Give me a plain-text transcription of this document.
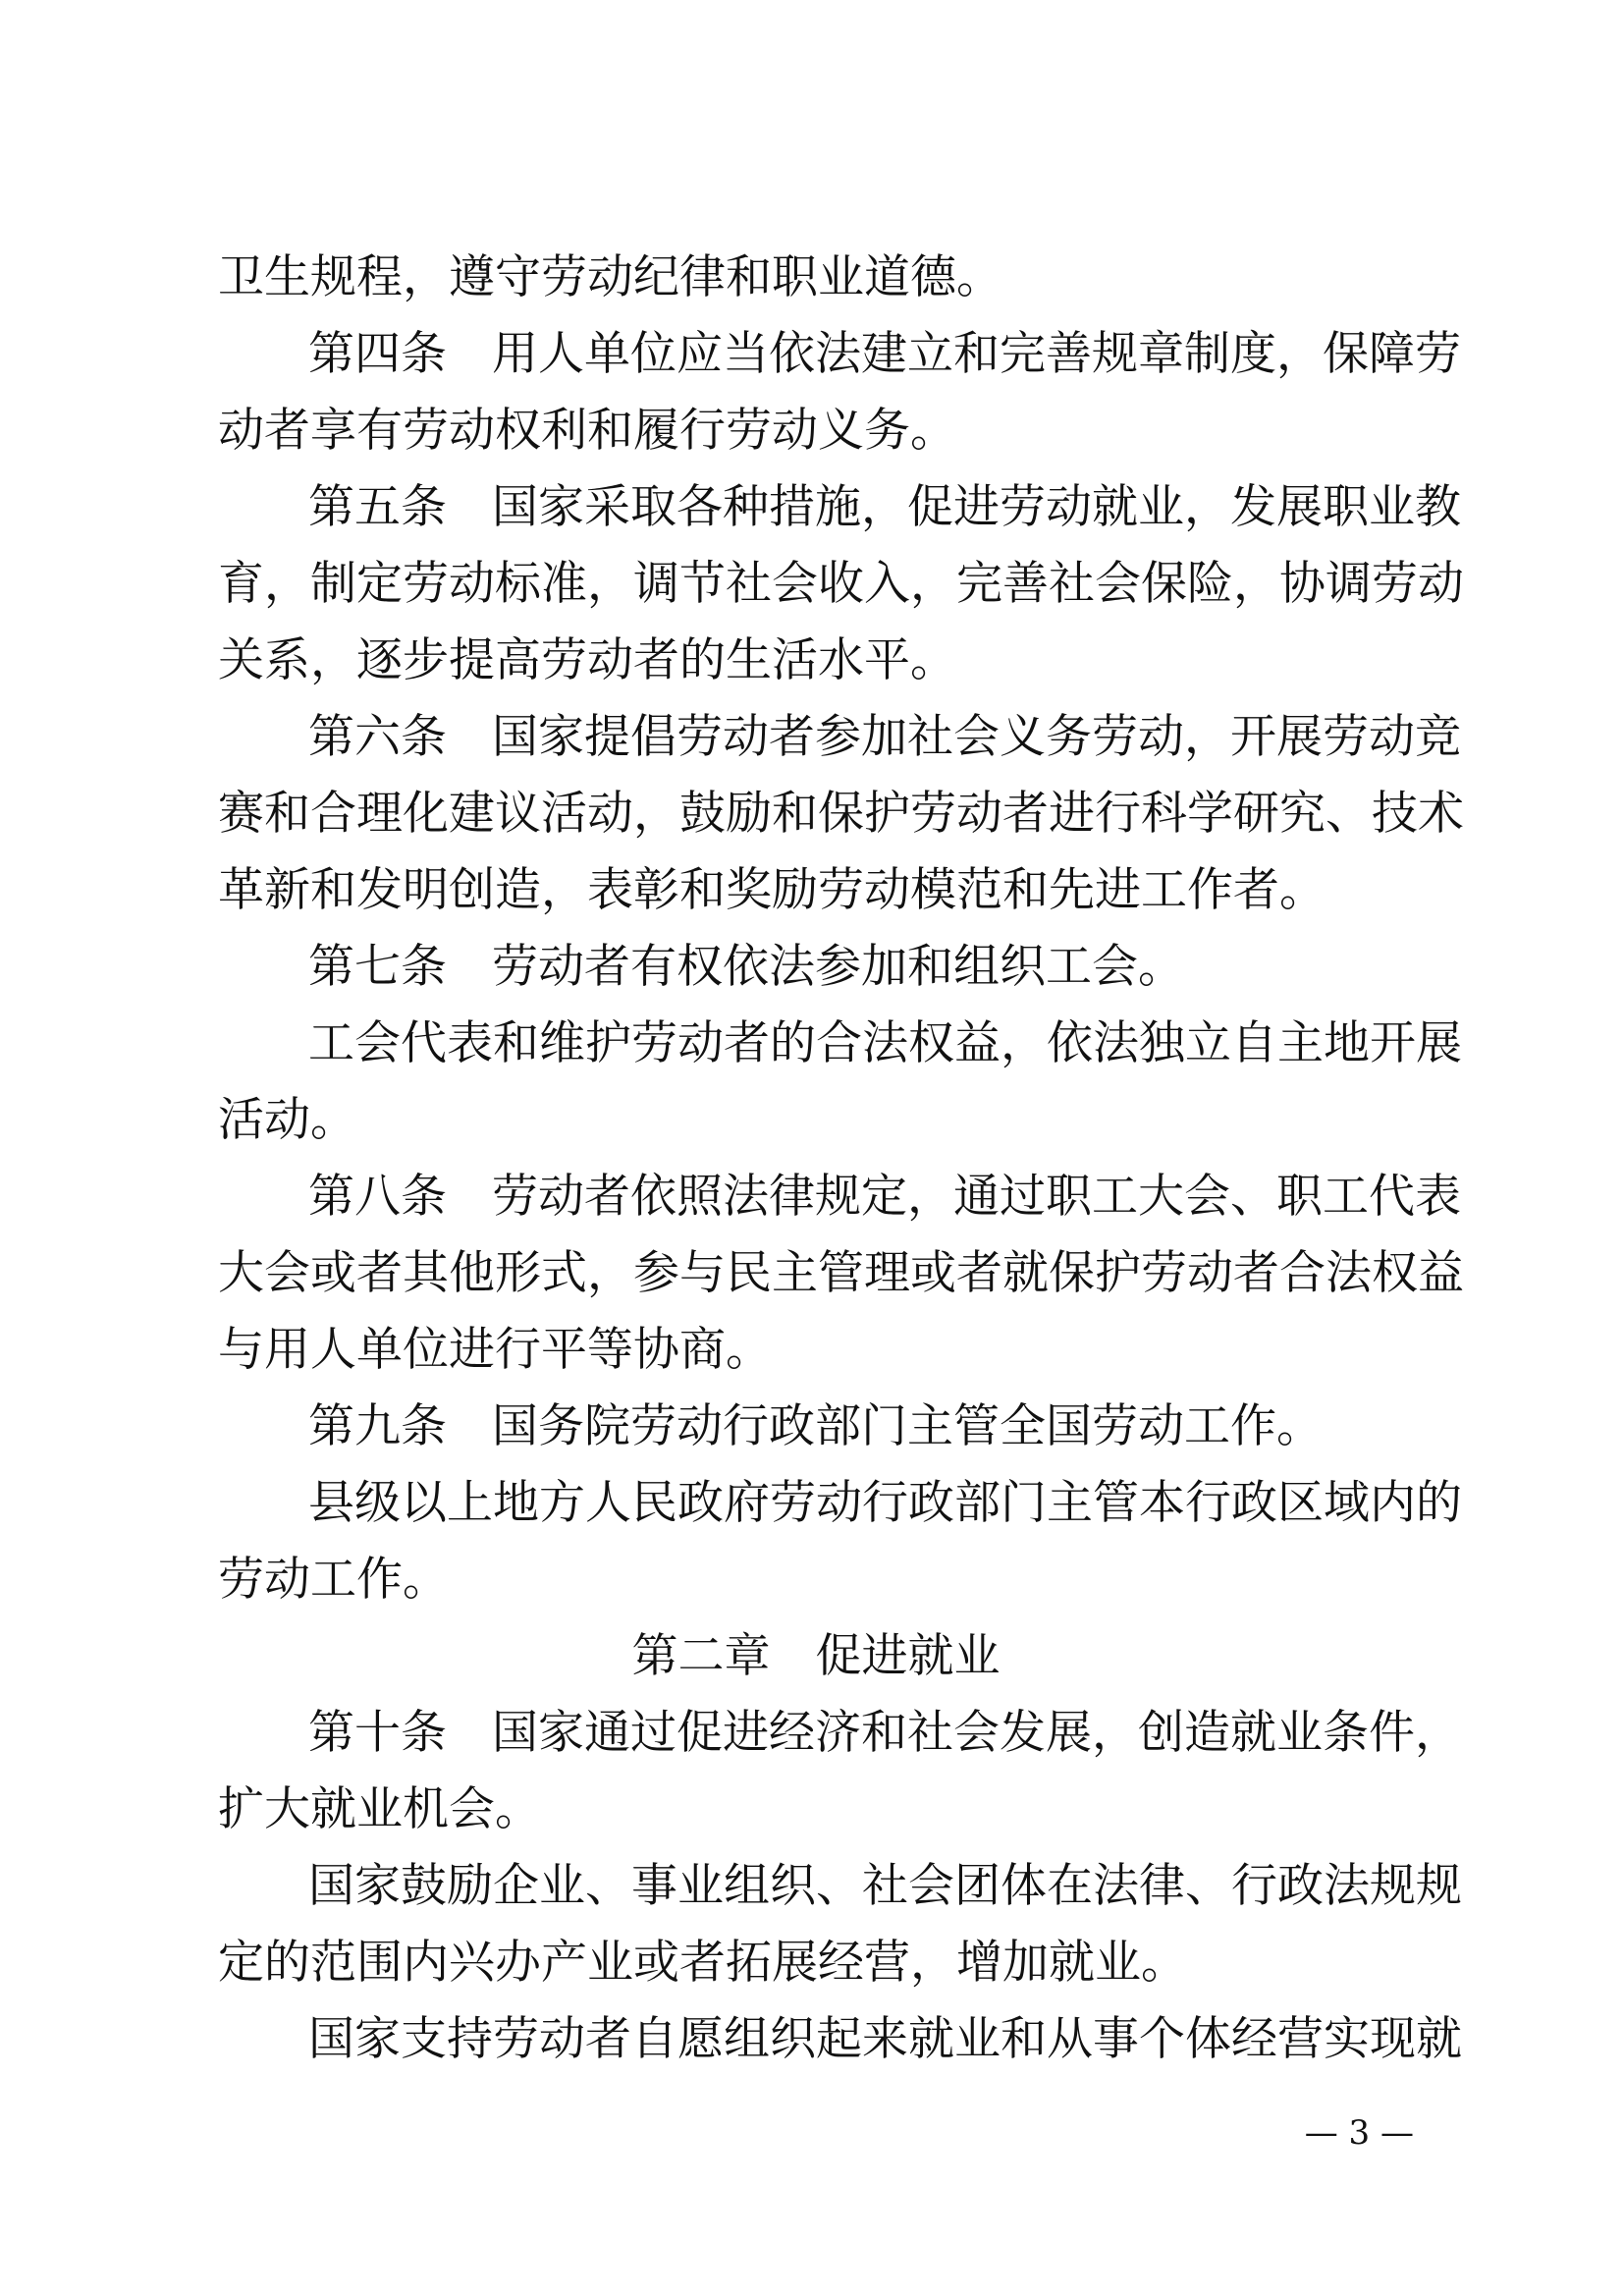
卫生规程，遵守劳动纪律和职业道德。
第四条 用人单位应当依法建立和完善规章制度，保障劳
动者享有劳动权利和履行劳动义务。
第五条 国家采取各种措施，促进劳动就业，发展职业教
育，制定劳动标准，调节社会收入，完善社会保险，协调劳动
关系，逐步提高劳动者的生活水平。
第六条 国家提倡劳动者参加社会义务劳动，开展劳动竞
赛和合理化建议活动，鼓励和保护劳动者进行科学研究、技术
革新和发明创造，表彰和奖励劳动模范和先进工作者。
第七条 劳动者有权依法参加和组织工会。
工会代表和维护劳动者的合法权益，依法独立自主地开展
活动。
第八条 劳动者依照法律规定，通过职工大会、职工代表
大会或者其他形式，参与民主管理或者就保护劳动者合法权益
与用人单位进行平等协商。
第九条 国务院劳动行政部门主管全国劳动工作。
县级以上地方人民政府劳动行政部门主管本行政区域内的
劳动工作。
第二章 促进就业
第十条 国家通过促进经济和社会发展，创造就业条件，
扩大就业机会。
国家鼓励企业、事业组织、社会团体在法律、行政法规规
定的范围内兴办产业或者拓展经营，增加就业。
国家支持劳动者自愿组织起来就业和从事个体经营实现就
— 3 —
